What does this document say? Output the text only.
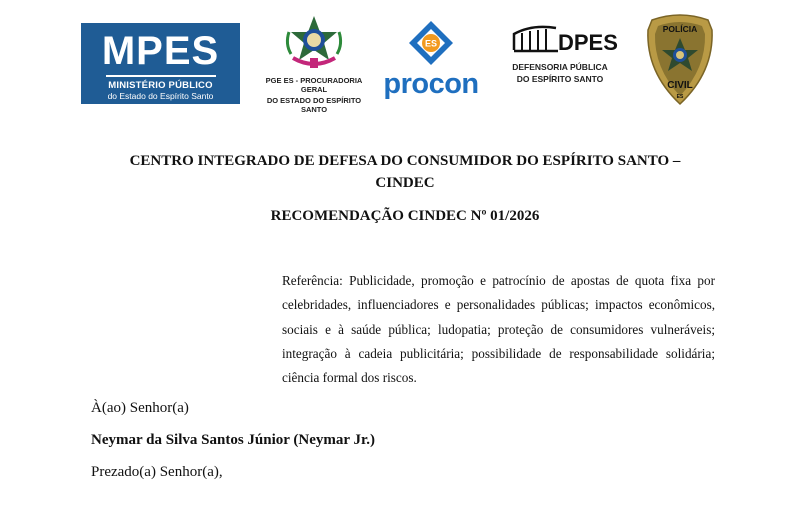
MPES
MINISTÉRIO PÚBLICO
do Estado do Espírito Santo
PGE ES - PROCURADORIA GERAL
DO ESTADO DO ESPÍRITO SANTO
ES
procon
DPES
DEFENSORIA PÚBLICA
DO ESPÍRITO SANTO
POLÍCIA
CIVIL
ES
CENTRO INTEGRADO DE DEFESA DO CONSUMIDOR DO ESPÍRITO SANTO – CINDEC
RECOMENDAÇÃO CINDEC Nº 01/2026
Referência: Publicidade, promoção e patrocínio de apostas de quota fixa por celebridades, influenciadores e personalidades públicas; impactos econômicos, sociais e à saúde pública; ludopatia; proteção de consumidores vulneráveis; integração à cadeia publicitária; possibilidade de responsabilidade solidária; ciência formal dos riscos.
À(ao) Senhor(a)
Neymar da Silva Santos Júnior (Neymar Jr.)
Prezado(a) Senhor(a),
